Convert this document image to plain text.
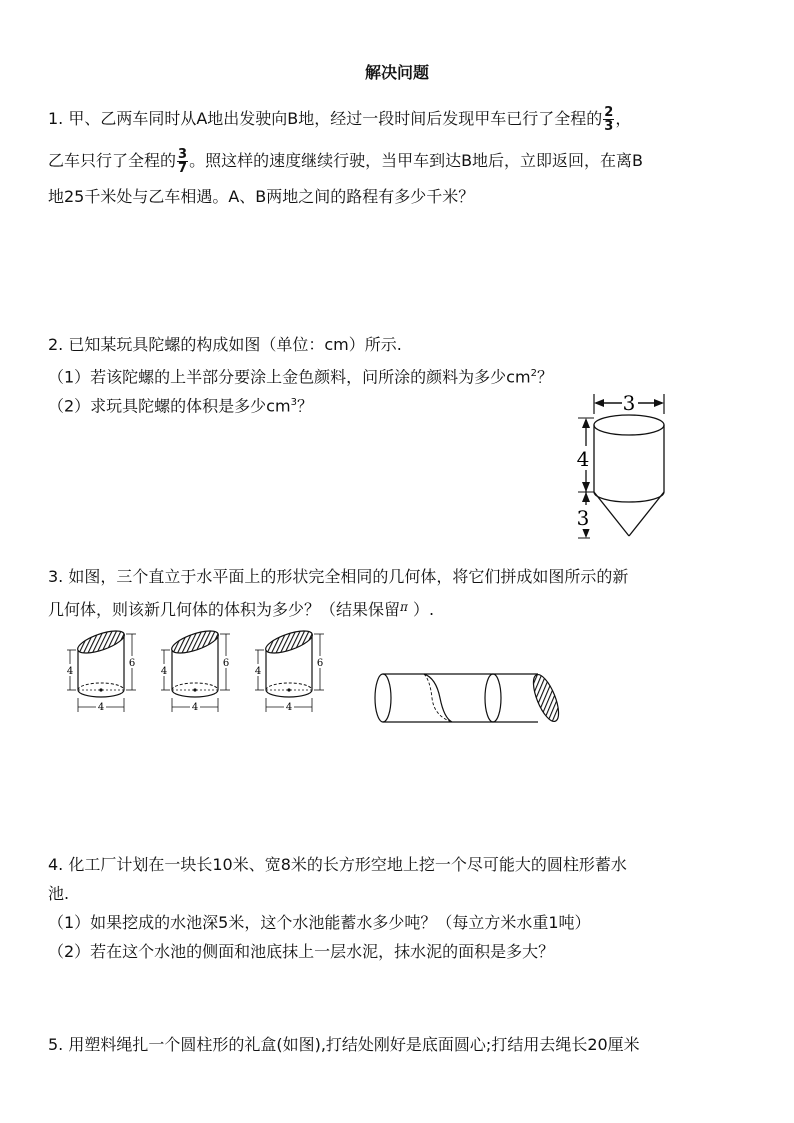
解决问题
1. 甲、乙两车同时从A地出发驶向B地，经过一段时间后发现甲车已行了全程的 $\frac{2}{3}$ ，
乙车只行了全程的 $\frac{3}{7}$ 。照这样的速度继续行驶，当甲车到达B地后，立即返回，在离B
地25千米处与乙车相遇。A、B两地之间的路程有多少千米？
2. 已知某玩具陀螺的构成如图（单位：cm）所示.
（1）若该陀螺的上半部分要涂上金色颜料，问所涂的颜料为多少$cm^2$？
（2）求玩具陀螺的体积是多少$cm^3$？	3
4
3
3. 如图，三个直立于水平面上的形状完全相同的几何体，将它们拼成如图所示的新
几何体，则该新几何体的体积为多少？（结果保留$^\pi$ ）.
4
6
4
4
6
4
4
6
4
4. 化工厂计划在一块长10米、宽8米的长方形空地上挖一个尽可能大的圆柱形蓄水
池.
（1）如果挖成的水池深5米，这个水池能蓄水多少吨？（每立方米水重1吨）
（2）若在这个水池的侧面和池底抹上一层水泥，抹水泥的面积是多大？
5. 用塑料绳扎一个圆柱形的礼盒(如图),打结处刚好是底面圆心;打结用去绳长20厘米
